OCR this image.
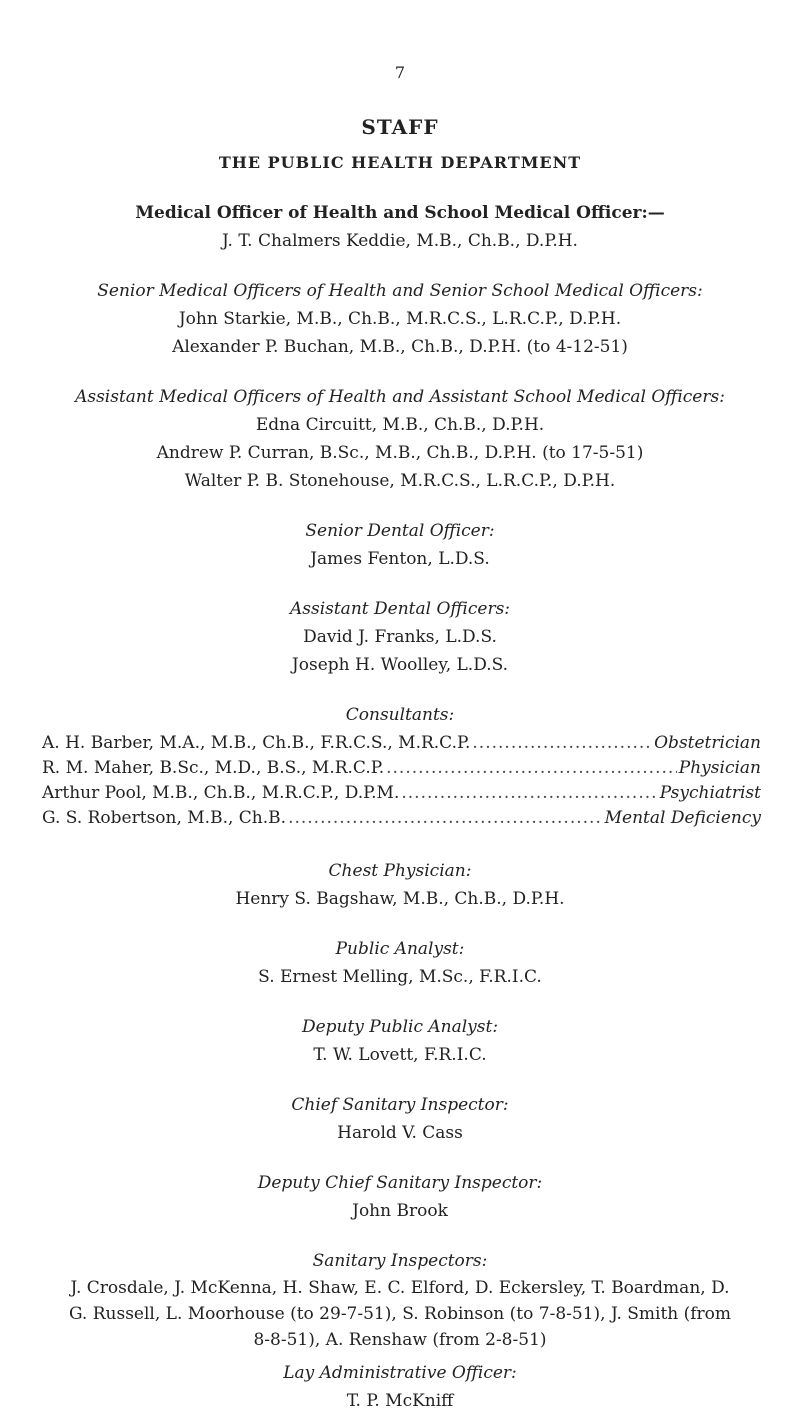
7
STAFF
THE PUBLIC HEALTH DEPARTMENT
Medical Officer of Health and School Medical Officer:—
J. T. Chalmers Keddie, M.B., Ch.B., D.P.H.
Senior Medical Officers of Health and Senior School Medical Officers:
John Starkie, M.B., Ch.B., M.R.C.S., L.R.C.P., D.P.H.
Alexander P. Buchan, M.B., Ch.B., D.P.H. (to 4-12-51)
Assistant Medical Officers of Health and Assistant School Medical Officers:
Edna Circuitt, M.B., Ch.B., D.P.H.
Andrew P. Curran, B.Sc., M.B., Ch.B., D.P.H. (to 17-5-51)
Walter P. B. Stonehouse, M.R.C.S., L.R.C.P., D.P.H.
Senior Dental Officer:
James Fenton, L.D.S.
Assistant Dental Officers:
David J. Franks, L.D.S.
Joseph H. Woolley, L.D.S.
Consultants:
A. H. Barber, M.A., M.B., Ch.B., F.R.C.S., M.R.C.P. .....	Obstetrician
R. M. Maher, B.Sc., M.D., B.S., M.R.C.P. .....	Physician
Arthur Pool, M.B., Ch.B., M.R.C.P., D.P.M. .....	Psychiatrist
G. S. Robertson, M.B., Ch.B. .....	Mental Deficiency
Chest Physician:
Henry S. Bagshaw, M.B., Ch.B., D.P.H.
Public Analyst:
S. Ernest Melling, M.Sc., F.R.I.C.
Deputy Public Analyst:
T. W. Lovett, F.R.I.C.
Chief Sanitary Inspector:
Harold V. Cass
Deputy Chief Sanitary Inspector:
John Brook
Sanitary Inspectors:
J. Crosdale, J. McKenna, H. Shaw, E. C. Elford, D. Eckersley, T. Boardman, D. G. Russell, L. Moorhouse (to 29-7-51), S. Robinson (to 7-8-51), J. Smith (from 8-8-51), A. Renshaw (from 2-8-51)
Lay Administrative Officer:
T. P. McKniff
